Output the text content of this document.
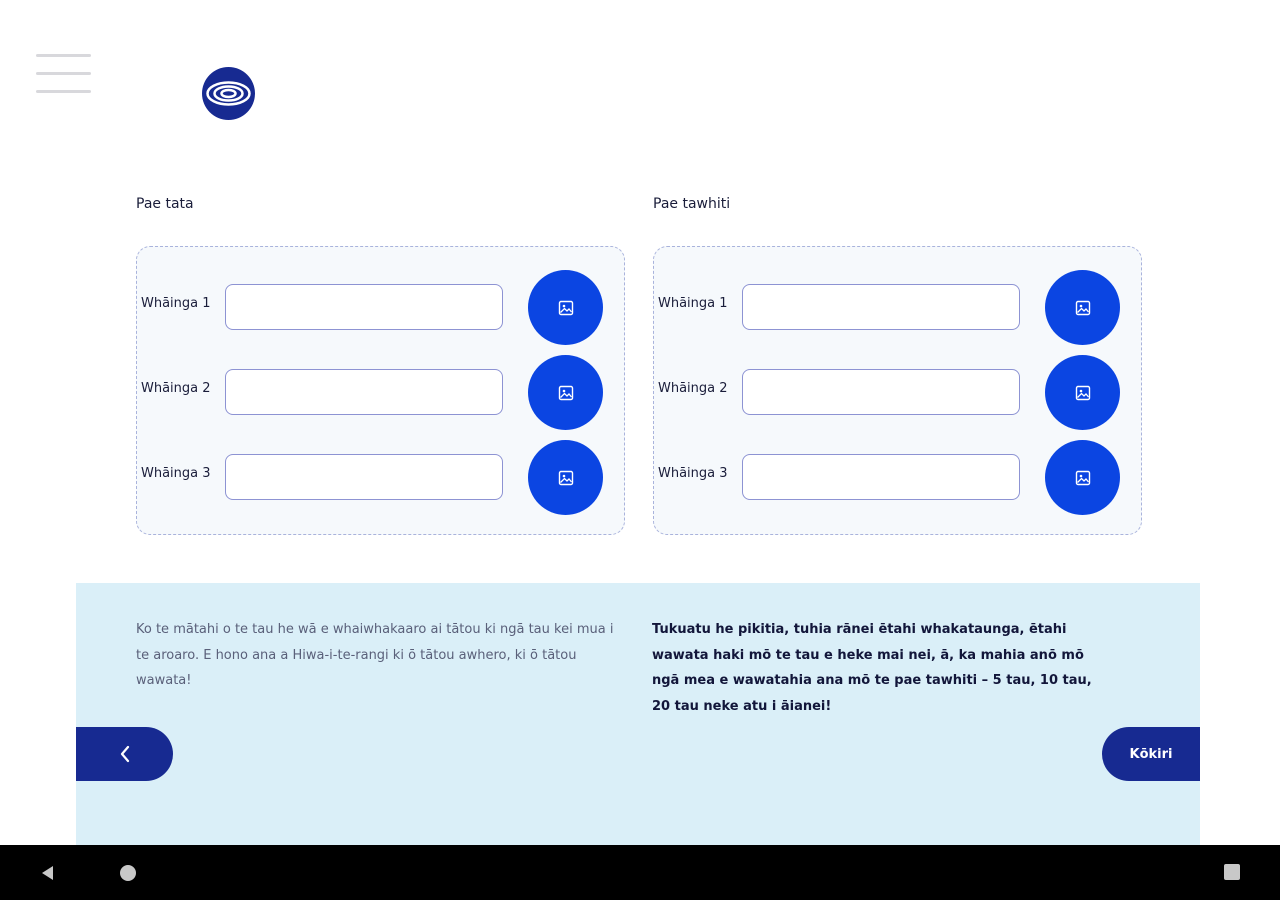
Pae tata
Whāinga 1
Whāinga 2
Whāinga 3
Pae tawhiti
Whāinga 1
Whāinga 2
Whāinga 3

Ko te mātahi o te tau he wā e whaiwhakaaro ai tātou ki ngā tau kei mua i te aroaro. E hono ana a Hiwa-i-te-rangi ki ō tātou awhero, ki ō tātou wawata!

Tukuatu he pikitia, tuhia rānei ētahi whakataunga, ētahi wawata haki mō te tau e heke mai nei, ā, ka mahia anō mō ngā mea e wawatahia ana mō te pae tawhiti – 5 tau, 10 tau, 20 tau neke atu i āianei!

Kōkiri
